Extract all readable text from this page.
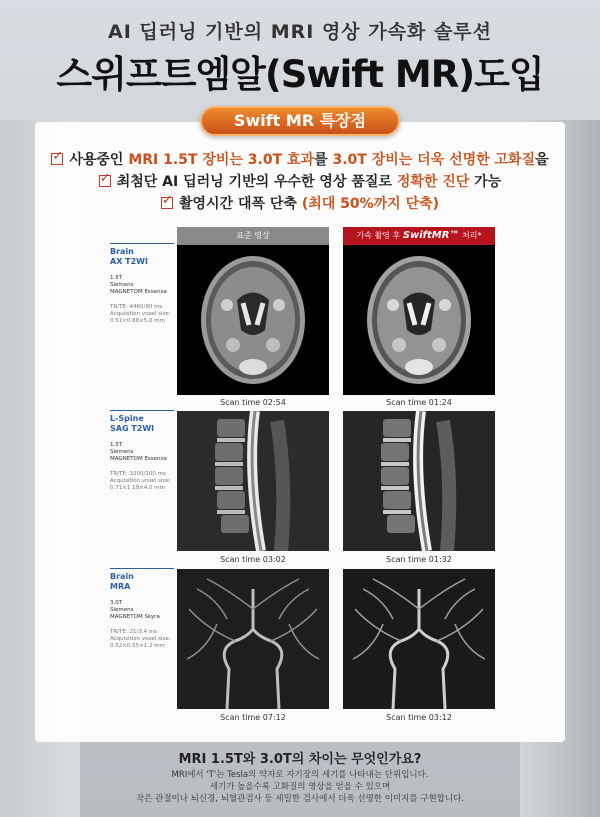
AI 딥러닝 기반의 MRI 영상 가속화 솔루션
스위프트엠알(Swift MR)도입
Swift MR 특장점
✓사용중인 MRI 1.5T 장비는 3.0T 효과를 3.0T 장비는 더욱 선명한 고화질을
✓최첨단 AI 딥러닝 기반의 우수한 영상 품질로 정확한 진단 가능
✓촬영시간 대폭 단축 (최대 50%까지 단축)
표준 영상	가속 촬영 후 SwiftMR™ 처리*
Brain
AX T2WI
1.5T
Siemens
MAGNETOM Essenza
TR/TE: 4460/90 ms
Acquisition voxel size:
0.51×0.68×5.0 mm
Scan time 02:54	Scan time 01:24
L-Spine
SAG T2WI
1.5T
Siemens
MAGNETOM Essenza
TR/TE: 3200/100 ms
Acquisition voxel size:
0.71×1.19×4.0 mm
Scan time 03:02	Scan time 01:32
Brain
MRA
3.0T
Siemens
MAGNETOM Skyra
TR/TE: 21/3.4 ms
Acquisition voxel size:
0.52×0.55×1.2 mm
Scan time 07:12	Scan time 03:12
MRI 1.5T와 3.0T의 차이는 무엇인가요?
MRI에서 'T'는 Tesla의 약자로 자기장의 세기를 나타내는 단위입니다.
세기가 높을수록 고화질의 영상을 얻을 수 있으며
작은 관절이나 뇌신경, 뇌혈관검사 등 세밀한 검사에서 더욱 선명한 이미지를 구현합니다.
